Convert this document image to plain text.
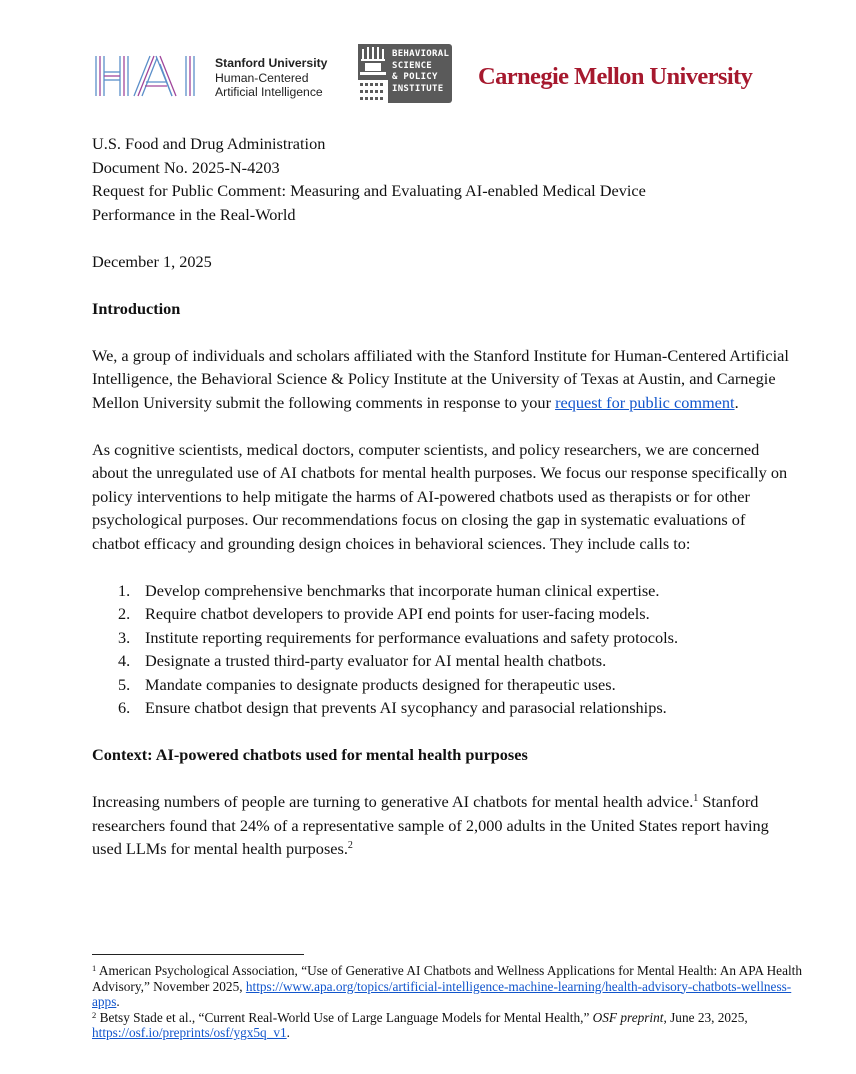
Stanford University
Human-Centered
Artificial Intelligence
BEHAVIORAL
SCIENCE
& POLICY
INSTITUTE Carnegie Mellon University

U.S. Food and Drug Administration

Document No. 2025-N-4203

Request for Public Comment: Measuring and Evaluating AI-enabled Medical Device
Performance in the Real-World

December 1, 2025

Introduction

We, a group of individuals and scholars affiliated with the Stanford Institute for Human-Centered Artificial Intelligence, the Behavioral Science & Policy Institute at the University of Texas at Austin, and Carnegie Mellon University submit the following comments in response to your request for public comment.

As cognitive scientists, medical doctors, computer scientists, and policy researchers, we are concerned about the unregulated use of AI chatbots for mental health purposes. We focus our response specifically on policy interventions to help mitigate the harms of AI-powered chatbots used as therapists or for other psychological purposes. Our recommendations focus on closing the gap in systematic evaluations of chatbot efficacy and grounding design choices in behavioral sciences. They include calls to:

1. Develop comprehensive benchmarks that incorporate human clinical expertise.
2. Require chatbot developers to provide API end points for user-facing models.
3. Institute reporting requirements for performance evaluations and safety protocols.
4. Designate a trusted third-party evaluator for AI mental health chatbots.
5. Mandate companies to designate products designed for therapeutic uses.
6. Ensure chatbot design that prevents AI sycophancy and parasocial relationships.

Context: AI-powered chatbots used for mental health purposes

Increasing numbers of people are turning to generative AI chatbots for mental health advice.$^1$ Stanford researchers found that 24% of a representative sample of 2,000 adults in the United States report having used LLMs for mental health purposes.$^2$

$^1$ American Psychological Association, “Use of Generative AI Chatbots and Wellness Applications for Mental Health: An APA Health Advisory,” November 2025, https://www.apa.org/topics/artificial-intelligence-machine-learning/health-advisory-chatbots-wellness-apps.

$^2$ Betsy Stade et al., “Current Real-World Use of Large Language Models for Mental Health,” OSF preprint, June 23, 2025, https://osf.io/preprints/osf/ygx5q_v1.
